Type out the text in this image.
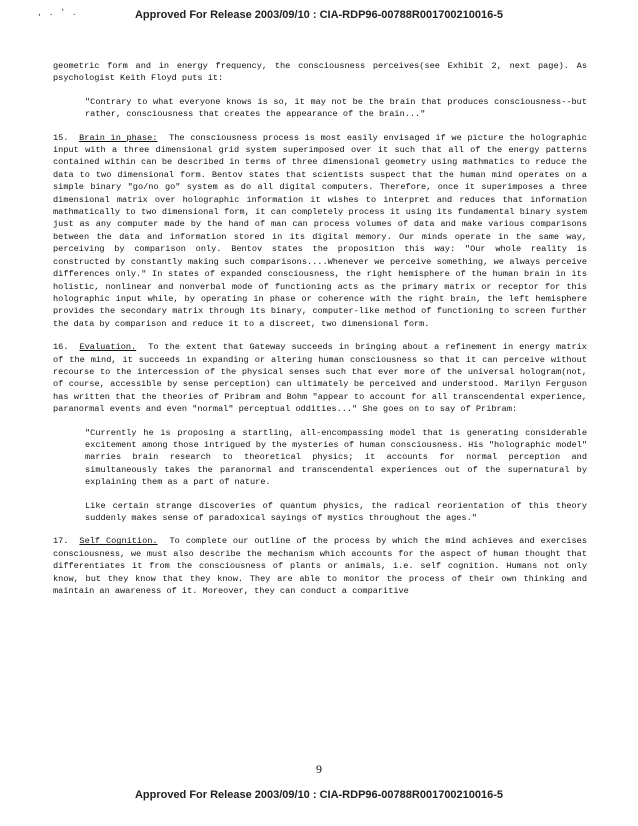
, . ' .	Approved For Release 2003/09/10 : CIA-RDP96-00788R001700210016-5

geometric form and in energy frequency, the consciousness perceives(see Exhibit 2, next page). As psychologist Keith Floyd puts it:

"Contrary to what everyone knows is so, it may not be the brain that produces consciousness--but rather, consciousness that creates the appearance of the brain..."

15. Brain in phase: The consciousness process is most easily envisaged if we picture the holographic input with a three dimensional grid system superimposed over it such that all of the energy patterns contained within can be described in terms of three dimensional geometry using mathmatics to reduce the data to two dimensional form. Bentov states that scientists suspect that the human mind operates on a simple binary "go/no go" system as do all digital computers. Therefore, once it superimposes a three dimensional matrix over holographic information it wishes to interpret and reduces that information mathmatically to two dimensional form, it can completely process it using its fundamental binary system just as any computer made by the hand of man can process volumes of data and make various comparisons between the data and information stored in its digital memory. Our minds operate in the same way, perceiving by comparison only. Bentov states the proposition this way: "Our whole reality is constructed by constantly making such comparisons....Whenever we perceive something, we always perceive differences only." In states of expanded consciousness, the right hemisphere of the human brain in its holistic, nonlinear and nonverbal mode of functioning acts as the primary matrix or receptor for this holographic input while, by operating in phase or coherence with the right brain, the left hemisphere provides the secondary matrix through its binary, computer-like method of functioning to screen further the data by comparison and reduce it to a discreet, two dimensional form.

16. Evaluation. To the extent that Gateway succeeds in bringing about a refinement in energy matrix of the mind, it succeeds in expanding or altering human consciousness so that it can perceive without recourse to the intercession of the physical senses such that ever more of the universal hologram(not, of course, accessible by sense perception) can ultimately be perceived and understood. Marilyn Ferguson has written that the theories of Pribram and Bohm "appear to account for all transcendental experience, paranormal events and even "normal" perceptual oddities..." She goes on to say of Pribram:

"Currently he is proposing a startling, all-encompassing model that is generating considerable excitement among those intrigued by the mysteries of human consciousness. His "holographic model" marries brain research to theoretical physics; it accounts for normal perception and simultaneously takes the paranormal and transcendental experiences out of the supernatural by explaining them as a part of nature.

Like certain strange discoveries of quantum physics, the radical reorientation of this theory suddenly makes sense of paradoxical sayings of mystics throughout the ages."

17. Self Cognition. To complete our outline of the process by which the mind achieves and exercises consciousness, we must also describe the mechanism which accounts for the aspect of human thought that differentiates it from the consciousness of plants or animals, i.e. self cognition. Humans not only know, but they know that they know. They are able to monitor the process of their own thinking and maintain an awareness of it. Moreover, they can conduct a comparitive

9
Approved For Release 2003/09/10 : CIA-RDP96-00788R001700210016-5
